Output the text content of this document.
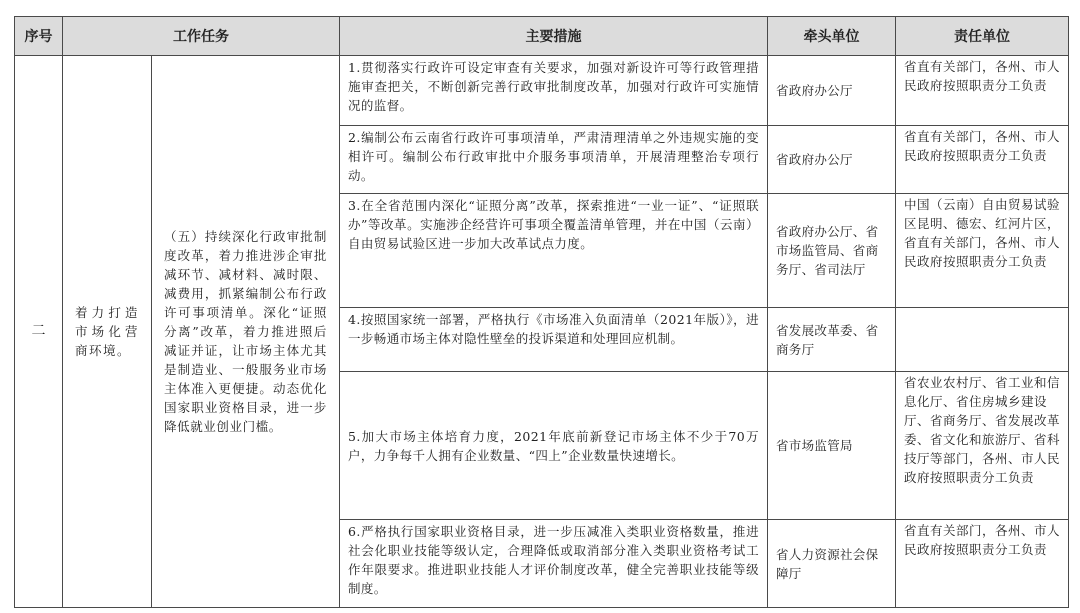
序号	工作任务		主要措施	牵头单位	责任单位
二	着力打造市场化营商环境。	（五）持续深化行政审批制度改革，着力推进涉企审批减环节、减材料、减时限、减费用，抓紧编制公布行政许可事项清单。深化“证照分离”改革，着力推进照后减证并证，让市场主体尤其是制造业、一般服务业市场主体准入更便捷。动态优化国家职业资格目录，进一步降低就业创业门槛。	1.贯彻落实行政许可设定审查有关要求，加强对新设许可等行政管理措施审查把关，不断创新完善行政审批制度改革，加强对行政许可实施情况的监督。	省政府办公厅	省直有关部门，各州、市人民政府按照职责分工负责
			2.编制公布云南省行政许可事项清单，严肃清理清单之外违规实施的变相许可。编制公布行政审批中介服务事项清单，开展清理整治专项行动。	省政府办公厅	省直有关部门，各州、市人民政府按照职责分工负责
			3.在全省范围内深化“证照分离”改革，探索推进“一业一证”、“证照联办”等改革。实施涉企经营许可事项全覆盖清单管理，并在中国（云南）自由贸易试验区进一步加大改革试点力度。	省政府办公厅、省市场监管局、省商务厅、省司法厅	中国（云南）自由贸易试验区昆明、德宏、红河片区，省直有关部门，各州、市人民政府按照职责分工负责
			4.按照国家统一部署，严格执行《市场准入负面清单（2021年版）》，进一步畅通市场主体对隐性壁垒的投诉渠道和处理回应机制。	省发展改革委、省商务厅	
			5.加大市场主体培育力度，2021年底前新登记市场主体不少于70万户，力争每千人拥有企业数量、“四上”企业数量快速增长。	省市场监管局	省农业农村厅、省工业和信息化厅、省住房城乡建设厅、省商务厅、省发展改革委、省文化和旅游厅、省科技厅等部门，各州、市人民政府按照职责分工负责
			6.严格执行国家职业资格目录，进一步压减准入类职业资格数量，推进社会化职业技能等级认定，合理降低或取消部分准入类职业资格考试工作年限要求。推进职业技能人才评价制度改革，健全完善职业技能等级制度。	省人力资源社会保障厅	省直有关部门，各州、市人民政府按照职责分工负责
